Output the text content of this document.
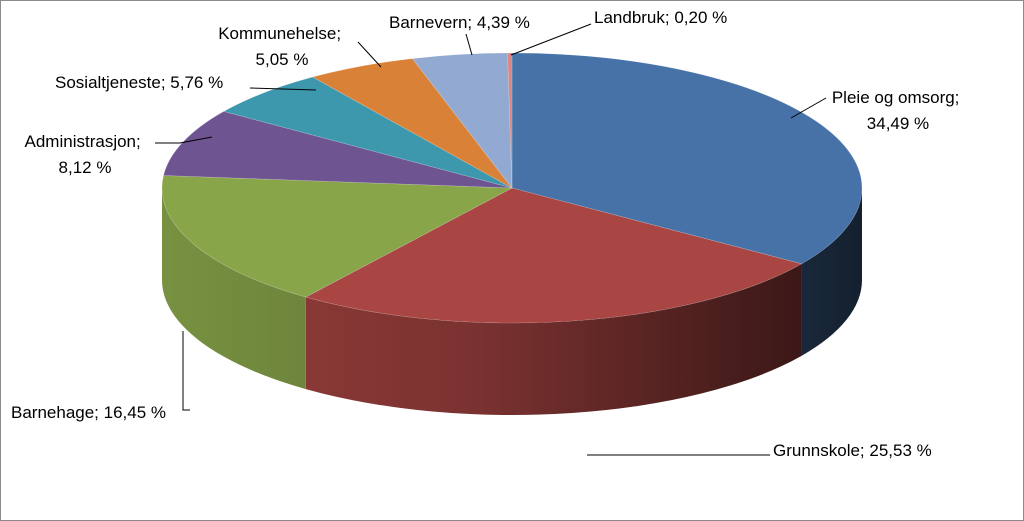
Pleie og omsorg; 34,49 %
Grunnskole; 25,53 %
Barnehage; 16,45 %
Administrasjon; 8,12 %
Sosialtjeneste; 5,76 %
Kommunehelse; 5,05 %
Barnevern; 4,39 %	Landbruk; 0,20 %
